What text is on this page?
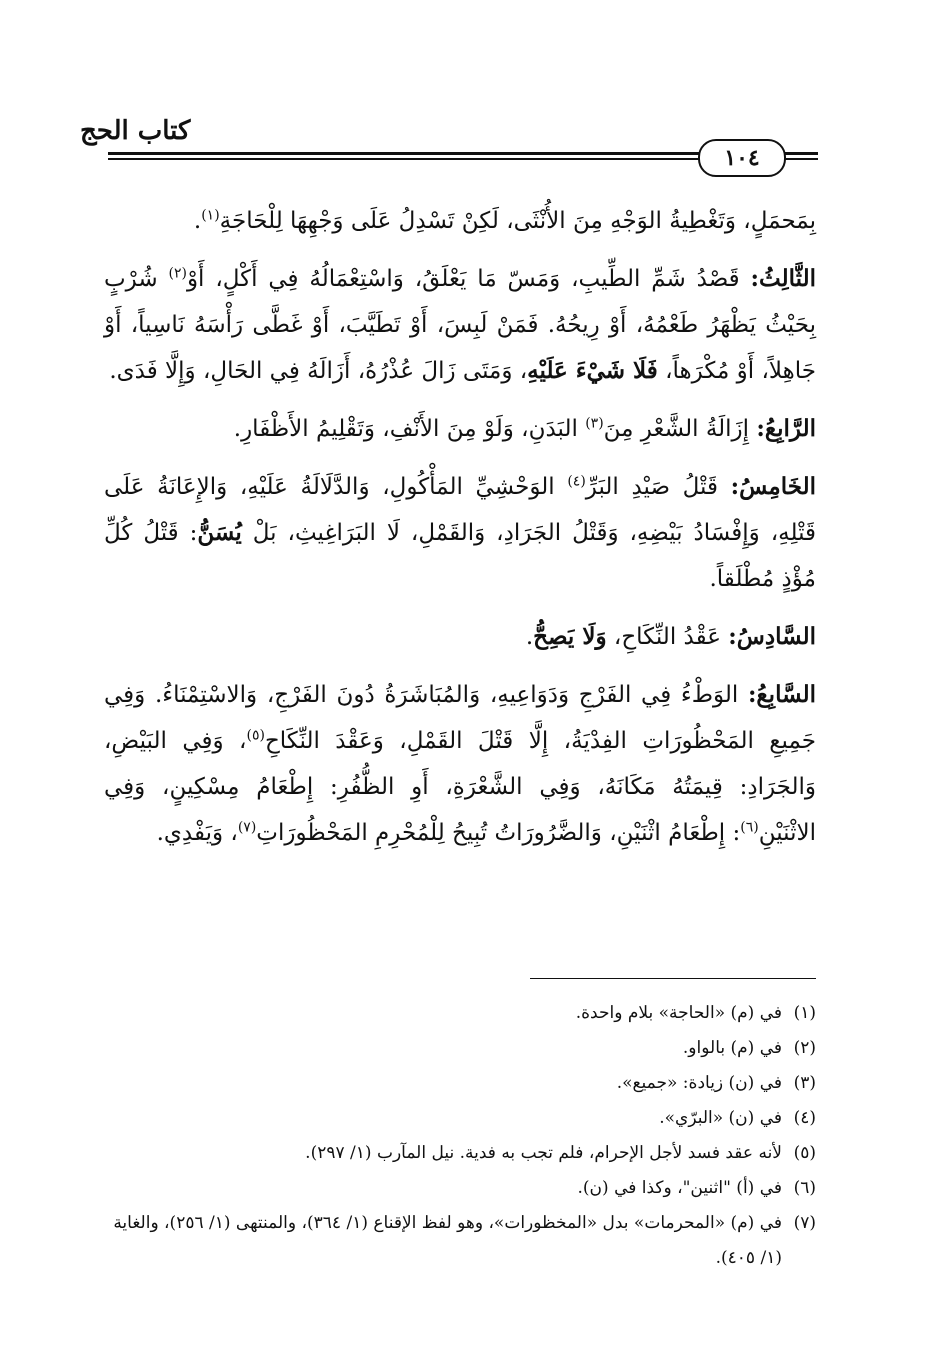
كتاب الحج
١٠٤

بِمَحمَلٍ، وَتَغْطِيةُ الوَجْهِ مِنَ الأُنْثَى، لَكِنْ تَسْدِلُ عَلَى وَجْهِهَا لِلْحَاجَةِ$^{(١)}$.

الثَّالِثُ: قَصْدُ شَمِّ الطِّيبِ، وَمَسّ مَا يَعْلَقُ، وَاسْتِعْمَالُهُ فِي أَكْلٍ، أَوْ$^{(٢)}$ شُرْبٍ بِحَيْثُ يَظْهَرُ طَعْمُهُ، أَوْ رِيحُهُ. فَمَنْ لَبِسَ، أَوْ تَطَيَّبَ، أَوْ غَطَّى رَأْسَهُ نَاسِياً، أَوْ جَاهِلاً، أَوْ مُكْرَهاً، فَلَا شَيْءَ عَلَيْهِ، وَمَتَى زَالَ عُذْرُهُ، أَزَالَهُ فِي الحَالِ، وَإِلَّا فَدَى.

الرَّابِعُ: إِزَالَةُ الشَّعْرِ مِنَ$^{(٣)}$ البَدَنِ، وَلَوْ مِنَ الأَنْفِ، وَتَقْلِيمُ الأَظْفَارِ.

الخَامِسُ: قَتْلُ صَيْدِ البَرِّ$^{(٤)}$ الوَحْشِيِّ المَأْكُولِ، وَالدَّلَالَةُ عَلَيْهِ، وَالإِعَانَةُ عَلَى قَتْلِهِ، وَإِفْسَادُ بَيْضِهِ، وَقَتْلُ الجَرَادِ، وَالقَمْلِ، لَا البَرَاغِيثِ، بَلْ يُسَنُّ: قَتْلُ كُلِّ مُؤْذٍ مُطْلَقاً.

السَّادِسُ: عَقْدُ النِّكَاحِ، وَلَا يَصِحُّ.

السَّابِعُ: الوَطْءُ فِي الفَرْجِ وَدَوَاعِيهِ، وَالمُبَاشَرَةُ دُونَ الفَرْجِ، وَالاسْتِمْنَاءُ. وَفِي جَمِيعِ المَحْظُورَاتِ الفِدْيَةُ، إِلَّا قَتْلَ القَمْلِ، وَعَقْدَ النِّكَاحِ$^{(٥)}$، وَفِي البَيْضِ، وَالجَرَادِ: قِيمَتُهُ مَكَانَهُ، وَفِي الشَّعْرَةِ، أَوِ الظُّفُرِ: إِطْعَامُ مِسْكِينٍ، وَفِي الاثْنَيْنِ$^{(٦)}$: إِطْعَامُ اثْنَيْنِ، وَالضَّرُورَاتُ تُبِيحُ لِلْمُحْرِمِ المَحْظُورَاتِ$^{(٧)}$، وَيَفْدِي.

(١)
في (م) «الحاجة» بلام واحدة.
(٢)
في (م) بالواو.
(٣)
في (ن) زيادة: «جميع».
(٤)
في (ن) «البرّي».
(٥)
لأنه عقد فسد لأجل الإحرام، فلم تجب به فدية. نيل المآرب (١/ ٢٩٧).
(٦)
في (أ) "اثنين"، وكذا في (ن).
(٧)
في (م) «المحرمات» بدل «المخظورات»، وهو لفظ الإقناع (١/ ٣٦٤)، والمنتهى (١/ ٢٥٦)، والغاية (١/ ٤٠٥).
